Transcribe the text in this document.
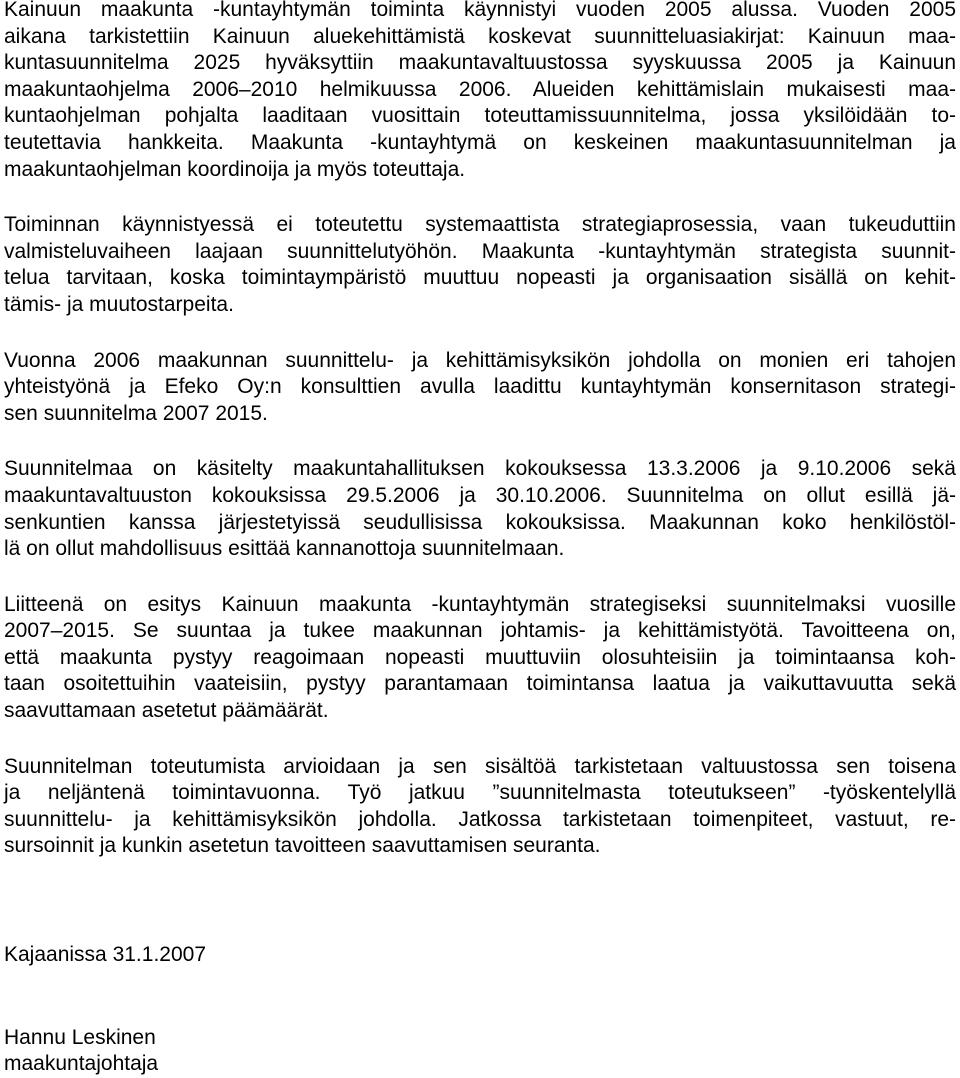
Kainuun maakunta -kuntayhtymän toiminta käynnistyi vuoden 2005 alussa. Vuoden 2005
aikana tarkistettiin Kainuun aluekehittämistä koskevat suunnitteluasiakirjat: Kainuun maa-
kuntasuunnitelma 2025 hyväksyttiin maakuntavaltuustossa syyskuussa 2005 ja Kainuun
maakuntaohjelma 2006–2010 helmikuussa 2006. Alueiden kehittämislain mukaisesti maa-
kuntaohjelman pohjalta laaditaan vuosittain toteuttamissuunnitelma, jossa yksilöidään to-
teutettavia hankkeita. Maakunta -kuntayhtymä on keskeinen maakuntasuunnitelman ja
maakuntaohjelman koordinoija ja myös toteuttaja.

Toiminnan käynnistyessä ei toteutettu systemaattista strategiaprosessia, vaan tukeuduttiin
valmisteluvaiheen laajaan suunnittelutyöhön. Maakunta -kuntayhtymän strategista suunnit-
telua tarvitaan, koska toimintaympäristö muuttuu nopeasti ja organisaation sisällä on kehit-
tämis- ja muutostarpeita.

Vuonna 2006 maakunnan suunnittelu- ja kehittämisyksikön johdolla on monien eri tahojen
yhteistyönä ja Efeko Oy:n konsulttien avulla laadittu kuntayhtymän konsernitason strategi-
sen suunnitelma 2007 2015.

Suunnitelmaa on käsitelty maakuntahallituksen kokouksessa 13.3.2006 ja 9.10.2006 sekä
maakuntavaltuuston kokouksissa 29.5.2006 ja 30.10.2006. Suunnitelma on ollut esillä jä-
senkuntien kanssa järjestetyissä seudullisissa kokouksissa. Maakunnan koko henkilöstöl-
lä on ollut mahdollisuus esittää kannanottoja suunnitelmaan.

Liitteenä on esitys Kainuun maakunta -kuntayhtymän strategiseksi suunnitelmaksi vuosille
2007–2015. Se suuntaa ja tukee maakunnan johtamis- ja kehittämistyötä. Tavoitteena on,
että maakunta pystyy reagoimaan nopeasti muuttuviin olosuhteisiin ja toimintaansa koh-
taan osoitettuihin vaateisiin, pystyy parantamaan toimintansa laatua ja vaikuttavuutta sekä
saavuttamaan asetetut päämäärät.

Suunnitelman toteutumista arvioidaan ja sen sisältöä tarkistetaan valtuustossa sen toisena
ja neljäntenä toimintavuonna. Työ jatkuu ”suunnitelmasta toteutukseen” -työskentelyllä
suunnittelu- ja kehittämisyksikön johdolla. Jatkossa tarkistetaan toimenpiteet, vastuut, re-
sursoinnit ja kunkin asetetun tavoitteen saavuttamisen seuranta.

Kajaanissa 31.1.2007

Hannu Leskinen

maakuntajohtaja
